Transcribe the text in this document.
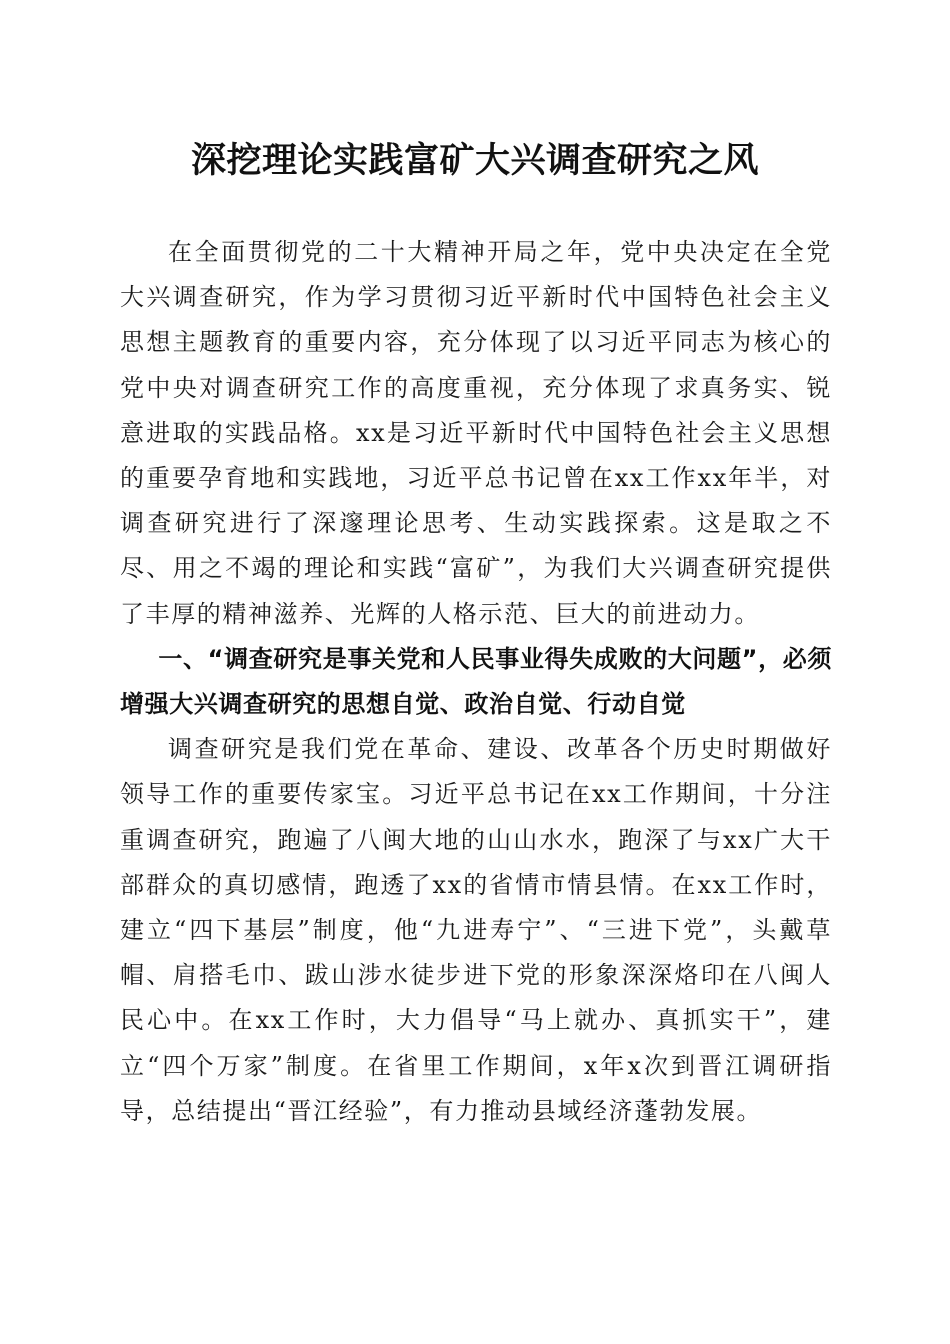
深挖理论实践富矿大兴调查研究之风

在全面贯彻党的二十大精神开局之年，党中央决定在全党大兴调查研究，作为学习贯彻习近平新时代中国特色社会主义思想主题教育的重要内容，充分体现了以习近平同志为核心的党中央对调查研究工作的高度重视，充分体现了求真务实、锐意进取的实践品格。xx是习近平新时代中国特色社会主义思想的重要孕育地和实践地，习近平总书记曾在xx工作xx年半，对调查研究进行了深邃理论思考、生动实践探索。这是取之不尽、用之不竭的理论和实践“富矿”，为我们大兴调查研究提供了丰厚的精神滋养、光辉的人格示范、巨大的前进动力。

一、“调查研究是事关党和人民事业得失成败的大问题”，必须增强大兴调查研究的思想自觉、政治自觉、行动自觉

调查研究是我们党在革命、建设、改革各个历史时期做好领导工作的重要传家宝。习近平总书记在xx工作期间，十分注重调查研究，跑遍了八闽大地的山山水水，跑深了与xx广大干部群众的真切感情，跑透了xx的省情市情县情。在xx工作时，建立“四下基层”制度，他“九进寿宁”、“三进下党”，头戴草帽、肩搭毛巾、跋山涉水徒步进下党的形象深深烙印在八闽人民心中。在xx工作时，大力倡导“马上就办、真抓实干”，建立“四个万家”制度。在省里工作期间，x年x次到晋江调研指导，总结提出“晋江经验”，有力推动县域经济蓬勃发展。
